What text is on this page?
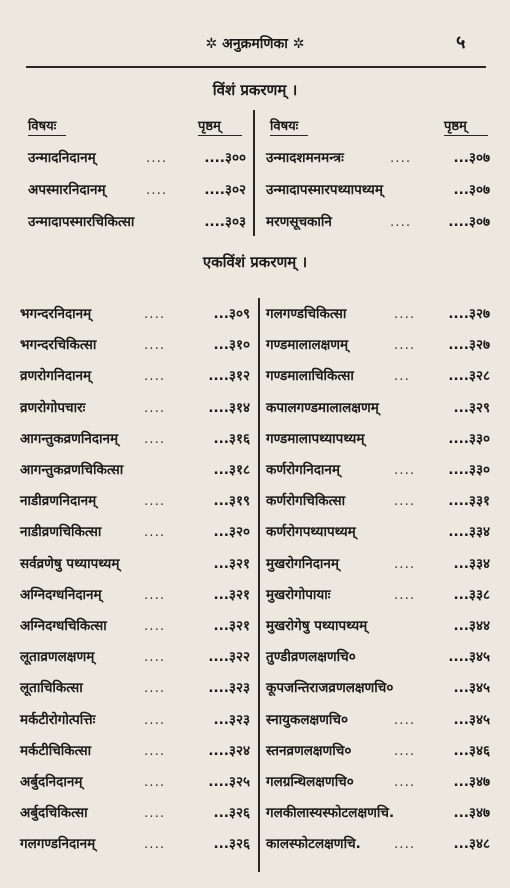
✲ अनुक्रमणिका ✲	५
विंशं प्रकरणम् ।
विषयः	पृष्ठम्	विषयः	पृष्ठम्
उन्मादनिदानम्	....	....३०० उन्मादशमनमन्त्रः	....	...३०७
अपस्मारनिदानम्	....	....३०२ उन्मादापस्मारपथ्यापथ्यम्	...३०७
उन्मादापस्मारचिकित्सा	....३०३ मरणसूचकानि	....	....३०७
एकविंशं प्रकरणम् ।
भगन्दरनिदानम्	....	...३०९ गलगण्डचिकित्सा	.... ....३२७
भगन्दरचिकित्सा	....	...३१० गण्डमालालक्षणम्	.... ....३२७
व्रणरोगनिदानम्	....	....३१२ गण्डमालाचिकित्सा	...	....३२८
व्रणरोगोपचारः	....	....३१४ कपालगण्डमालालक्षणम्	...३२९
आगन्तुकव्रणनिदानम् ....	...३१६ गण्डमालापथ्यापथ्यम्	....३३०
आगन्तुकव्रणचिकित्सा	...३१८ कर्णरोगनिदानम्	.... ....३३०
नाडीव्रणनिदानम्	....	...३१९ कर्णरोगचिकित्सा	.... ....३३१
नाडीव्रणचिकित्सा	....	...३२० कर्णरोगपथ्यापथ्यम्	....३३४
सर्वव्रणेषु पथ्यापथ्यम्	...३२१ मुखरोगनिदानम्	....	...३३४
अग्निदग्धनिदानम्	....	...३२१ मुखरोगोपायाः	....	...३३८
अग्निदग्धचिकित्सा	....	...३२१ मुखरोगेषु पथ्यापथ्यम्	...३४४
लूताव्रणलक्षणम्	....	....३२२ तुण्डीव्रणलक्षणचि०	....३४५
लूताचिकित्सा	....	....३२३ कूपजन्तिराजव्रणलक्षणचि०	...३४५
मर्कटीरोगोत्पत्तिः	....	...३२३ स्नायुकलक्षणचि०	....	...३४५
मर्कटीचिकित्सा	....	....३२४ स्तनव्रणलक्षणचि०	....	...३४६
अर्बुदनिदानम्	....	....३२५ गलग्रन्थिलक्षणचि०	....	...३४७
अर्बुदचिकित्सा	....	...३२६ गलकीलास्यस्फोटलक्षणचि.	...३४७
गलगण्डनिदानम्	....	...३२६ कालस्फोटलक्षणचि. ....	...३४८
